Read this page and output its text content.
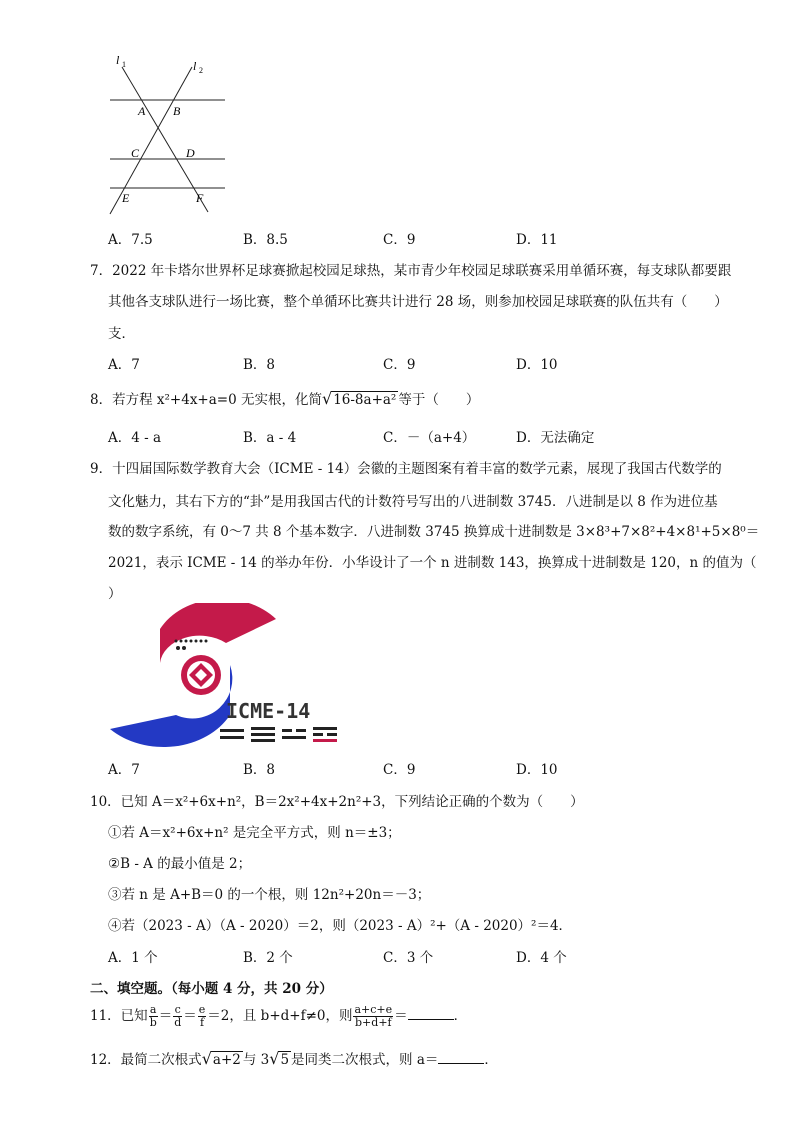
l 1	l 2
A B
C	D
E	F
A．7.5	B．8.5	C．9	D．11
7．2022 年卡塔尔世界杯足球赛掀起校园足球热，某市青少年校园足球联赛采用单循环赛，每支球队都要跟
其他各支球队进行一场比赛，整个单循环比赛共计进行 28 场，则参加校园足球联赛的队伍共有（　　）
支．
A．7	B．8	C．9	D．10
8．若方程 x²+4x+a=0 无实根，化简√16-8a+a² 等于（　　）
A．4 - a	B．a - 4	C．－（a+4）	D．无法确定
9．十四届国际数学教育大会（ICME - 14）会徽的主题图案有着丰富的数学元素，展现了我国古代数学的
文化魅力，其右下方的“卦”是用我国古代的计数符号写出的八进制数 3745．八进制是以 8 作为进位基
数的数字系统，有 0～7 共 8 个基本数字．八进制数 3745 换算成十进制数是 3×8³+7×8²+4×8¹+5×8⁰＝
2021，表示 ICME - 14 的举办年份．小华设计了一个 n 进制数 143，换算成十进制数是 120，n 的值为（
）
ICME-14
A．7	B．8	C．9	D．10
10．已知 A＝x²+6x+n²，B＝2x²+4x+2n²+3，下列结论正确的个数为（　　）
①若 A＝x²+6x+n² 是完全平方式，则 n＝±3；
②B - A 的最小值是 2；
③若 n 是 A+B＝0 的一个根，则 12n²+20n＝－3；
④若（2023 - A）（A - 2020）＝2，则（2023 - A）²+（A - 2020）²＝4．
A．1 个	B．2 个	C．3 个	D．4 个
二、填空题。（每小题 4 分，共 20 分）
11．已知 $\frac{a}{b} = \frac{c}{d} = \frac{e}{f} =2$，且 b+d+f≠0，则 $\frac{a+c+e}{b+d+f}$ ＝	．
12．最简二次根式√a+2 与 3√5 是同类二次根式，则 a＝	．
